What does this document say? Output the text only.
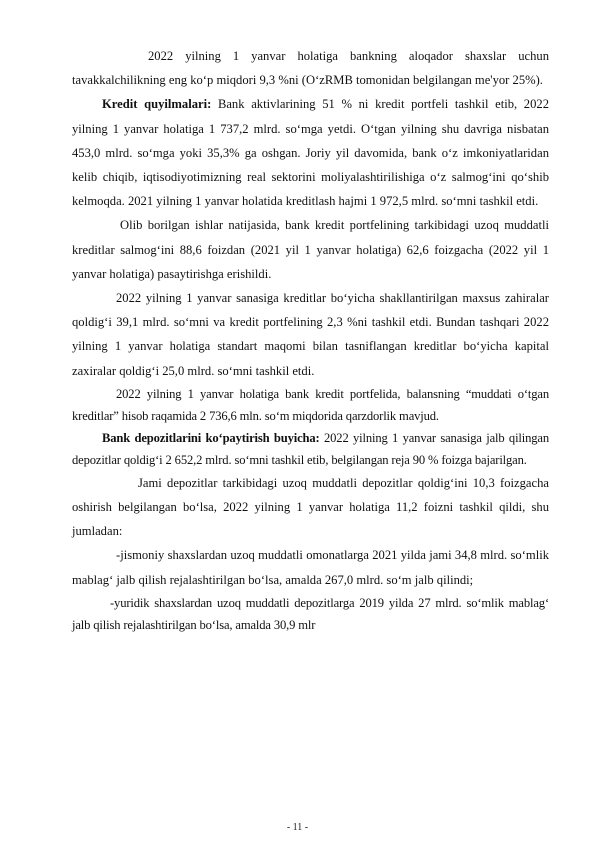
2022 yilning 1 yanvar holatiga bankning aloqador shaxslar uchun tavakkalchilikning eng ko‘p miqdori 9,3 %ni (O‘zRMB tomonidan belgilangan me'yor 25%).

Kredit quyilmalari: Bank aktivlarining 51 % ni kredit portfeli tashkil etib, 2022 yilning 1 yanvar holatiga 1 737,2 mlrd. so‘mga yetdi. O‘tgan yilning shu davriga nisbatan 453,0 mlrd. so‘mga yoki 35,3% ga oshgan. Joriy yil davomida, bank o‘z imkoniyatlaridan kelib chiqib, iqtisodiyotimizning real sektorini moliyalashtirilishiga o‘z salmog‘ini qo‘shib kelmoqda. 2021 yilning 1 yanvar holatida kreditlash hajmi 1 972,5 mlrd. so‘mni tashkil etdi.

Olib borilgan ishlar natijasida, bank kredit portfelining tarkibidagi uzoq muddatli kreditlar salmog‘ini 88,6 foizdan (2021 yil 1 yanvar holatiga) 62,6 foizgacha (2022 yil 1 yanvar holatiga) pasaytirishga erishildi.

2022 yilning 1 yanvar sanasiga kreditlar bo‘yicha shakllantirilgan maxsus zahiralar qoldig‘i 39,1 mlrd. so‘mni va kredit portfelining 2,3 %ni tashkil etdi. Bundan tashqari 2022 yilning 1 yanvar holatiga standart maqomi bilan tasniflangan kreditlar bo‘yicha kapital zaxiralar qoldig‘i 25,0 mlrd. so‘mni tashkil etdi.

2022 yilning 1 yanvar holatiga bank kredit portfelida, balansning “muddati o‘tgan kreditlar” hisob raqamida 2 736,6 mln. so‘m miqdorida qarzdorlik mavjud.

Bank depozitlarini ko‘paytirish buyicha: 2022 yilning 1 yanvar sanasiga jalb qilingan depozitlar qoldig‘i 2 652,2 mlrd. so‘mni tashkil etib, belgilangan reja 90 % foizga bajarilgan.

Jami depozitlar tarkibidagi uzoq muddatli depozitlar qoldig‘ini 10,3 foizgacha oshirish belgilangan bo‘lsa, 2022 yilning 1 yanvar holatiga 11,2 foizni tashkil qildi, shu jumladan:

-jismoniy shaxslardan uzoq muddatli omonatlarga 2021 yilda jami 34,8 mlrd. so‘mlik mablag‘ jalb qilish rejalashtirilgan bo‘lsa, amalda 267,0 mlrd. so‘m jalb qilindi;

-yuridik shaxslardan uzoq muddatli depozitlarga 2019 yilda 27 mlrd. so‘mlik mablag‘ jalb qilish rejalashtirilgan bo‘lsa, amalda 30,9 mlr

- 11 -
